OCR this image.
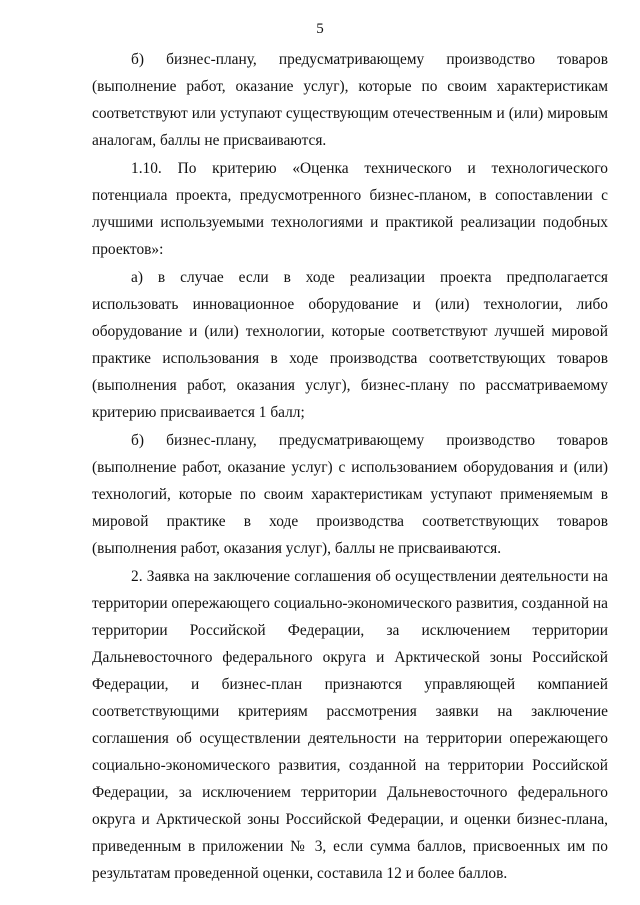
5

б) бизнес-плану, предусматривающему производство товаров (выполнение работ, оказание услуг), которые по своим характеристикам соответствуют или уступают существующим отечественным и (или) мировым аналогам, баллы не присваиваются.

1.10. По критерию «Оценка технического и технологического потенциала проекта, предусмотренного бизнес-планом, в сопоставлении с лучшими используемыми технологиями и практикой реализации подобных проектов»:

а) в случае если в ходе реализации проекта предполагается использовать инновационное оборудование и (или) технологии, либо оборудование и (или) технологии, которые соответствуют лучшей мировой практике использования в ходе производства соответствующих товаров (выполнения работ, оказания услуг), бизнес-плану по рассматриваемому критерию присваивается 1 балл;

б) бизнес-плану, предусматривающему производство товаров (выполнение работ, оказание услуг) с использованием оборудования и (или) технологий, которые по своим характеристикам уступают применяемым в мировой практике в ходе производства соответствующих товаров (выполнения работ, оказания услуг), баллы не присваиваются.

2. Заявка на заключение соглашения об осуществлении деятельности на территории опережающего социально-экономического развития, созданной на территории Российской Федерации, за исключением территории Дальневосточного федерального округа и Арктической зоны Российской Федерации, и бизнес-план признаются управляющей компанией соответствующими критериям рассмотрения заявки на заключение соглашения об осуществлении деятельности на территории опережающего социально-экономического развития, созданной на территории Российской Федерации, за исключением территории Дальневосточного федерального округа и Арктической зоны Российской Федерации, и оценки бизнес-плана, приведенным в приложении № 3, если сумма баллов, присвоенных им по результатам проведенной оценки, составила 12 и более баллов.
